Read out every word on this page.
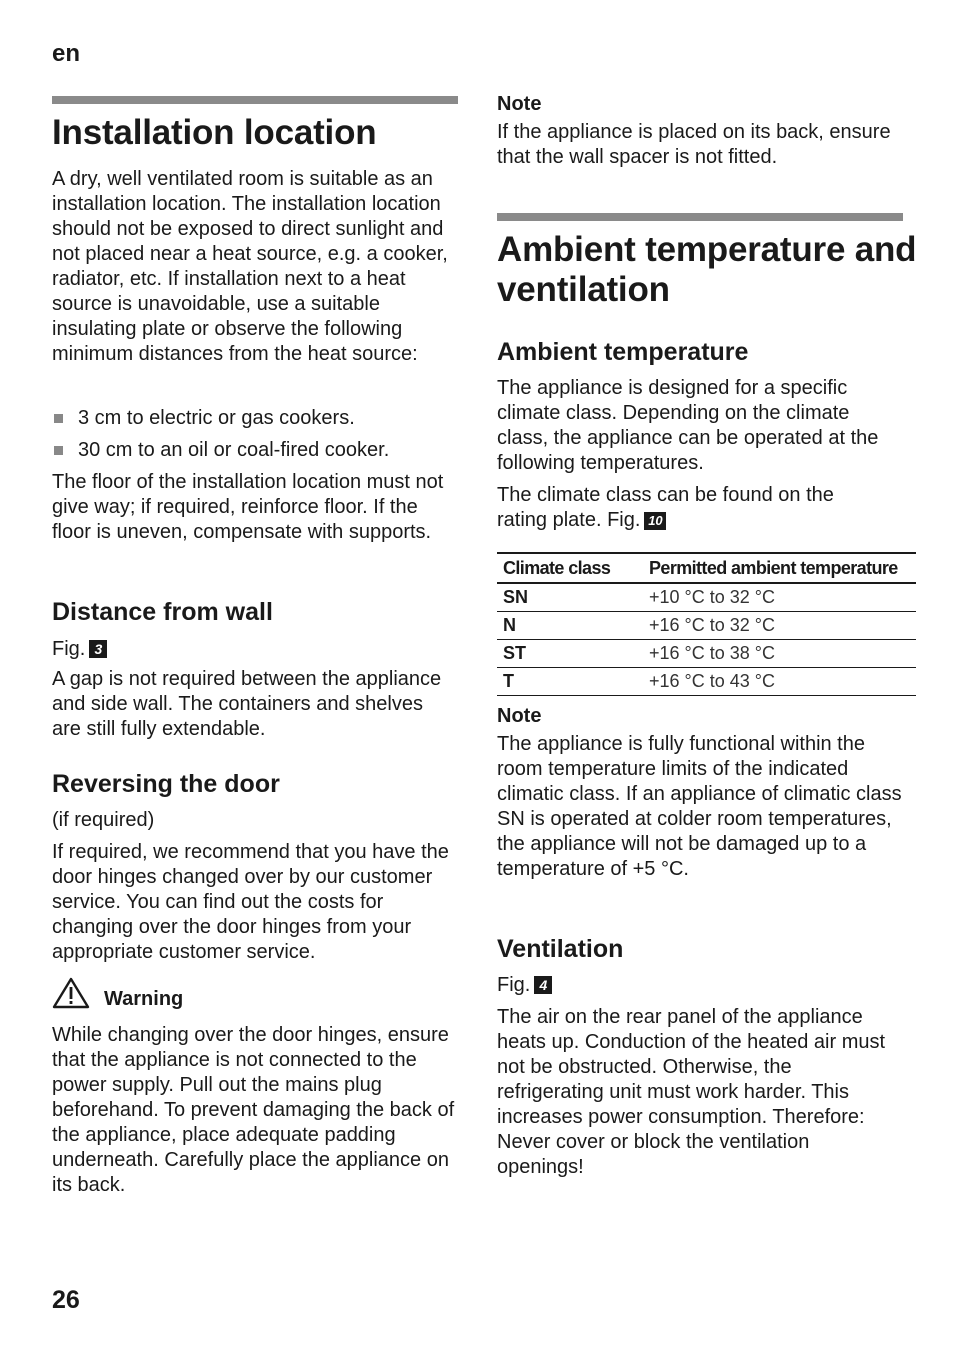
en
Installation location

A dry, well ventilated room is suitable as an installation location. The installation location should not be exposed to direct sunlight and not placed near a heat source, e.g. a cooker, radiator, etc. If installation next to a heat source is unavoidable, use a suitable insulating plate or observe the following minimum distances from the heat source:

3 cm to electric or gas cookers.
30 cm to an oil or coal-fired cooker.

The floor of the installation location must not give way; if required, reinforce floor. If the floor is uneven, compensate with supports.

Distance from wall
Fig. 3

A gap is not required between the appliance and side wall. The containers and shelves are still fully extendable.

Reversing the door
(if required)

If required, we recommend that you have the door hinges changed over by our customer service. You can find out the costs for changing over the door hinges from your appropriate customer service.

Warning

While changing over the door hinges, ensure that the appliance is not connected to the power supply. Pull out the mains plug beforehand. To prevent damaging the back of the appliance, place adequate padding underneath. Carefully place the appliance on its back.

Note

If the appliance is placed on its back, ensure that the wall spacer is not fitted.

Ambient temperature and ventilation
Ambient temperature

The appliance is designed for a specific climate class. Depending on the climate class, the appliance can be operated at the following temperatures.

The climate class can be found on the rating plate. Fig. 10
Climate class	Permitted ambient temperature
SN	+10 °C to 32 °C
N	+16 °C to 32 °C
ST	+16 °C to 38 °C
T	+16 °C to 43 °C
Note

The appliance is fully functional within the room temperature limits of the indicated climatic class. If an appliance of climatic class SN is operated at colder room temperatures, the appliance will not be damaged up to a temperature of +5 °C.

Ventilation
Fig. 4

The air on the rear panel of the appliance heats up. Conduction of the heated air must not be obstructed. Otherwise, the refrigerating unit must work harder. This increases power consumption. Therefore: Never cover or block the ventilation openings!

26
